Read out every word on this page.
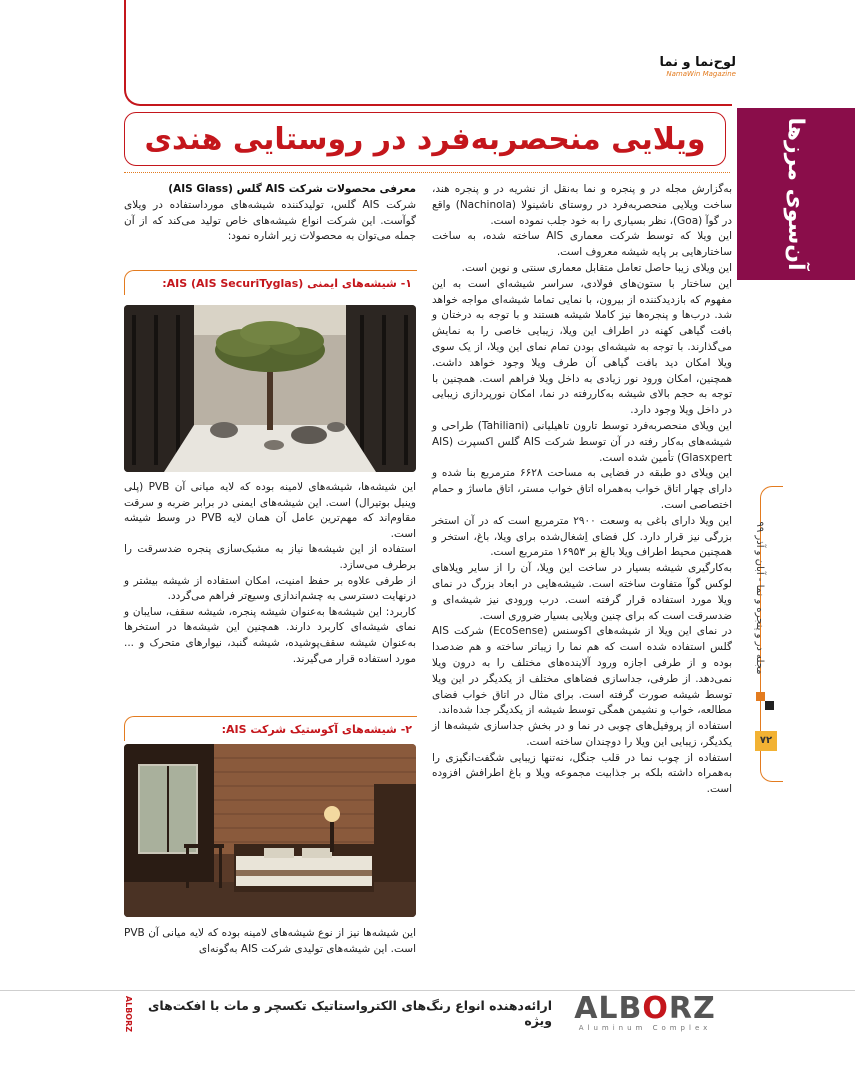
لوح‌نما و نما
NamaWin Magazine
آن‌سوی مرزها
مجله در و پنجره و نما - آبان و آذر ۹۹
۷۲
ویلایی منحصربه‌فرد در روستایی هندی

به‌گزارش مجله در و پنجره و نما به‌نقل از نشریه در و پنجره هند، ساخت ویلایی منحصربه‌فرد در روستای ناشینولا (Nachinola) واقع در گوآ (Goa)، نظر بسیاری را به خود جلب نموده است.

این ویلا که توسط شرکت معماری AIS ساخته شده، به ساخت ساختارهایی بر پایه شیشه معروف است.

این ویلای زیبا حاصل تعامل متقابل معماری سنتی و نوین است.

این ساختار با ستون‌های فولادی، سراسر شیشه‌ای است به این مفهوم که بازدیدکننده از بیرون، با نمایی تماما شیشه‌ای مواجه خواهد شد. درب‌ها و پنجره‌ها نیز کاملا شیشه هستند و با توجه به درختان و بافت گیاهی کهنه در اطراف این ویلا، زیبایی خاصی را به نمایش می‌گذارند. با توجه به شیشه‌ای بودن تمام نمای این ویلا، از یک سوی ویلا امکان دید بافت گیاهی آن طرف ویلا وجود خواهد داشت. همچنین، امکان ورود نور زیادی به داخل ویلا فراهم است. همچنین با توجه به حجم بالای شیشه به‌کاررفته در نما، امکان نورپردازی زیبایی در داخل ویلا وجود دارد.

این ویلای منحصربه‌فرد توسط تارون تاهیلیانی (Tahiliani) طراحی و شیشه‌های به‌کار رفته در آن توسط شرکت AIS گلس اکسپرت (AIS Glasxpert) تأمین شده است.

این ویلای دو طبقه در فضایی به مساحت ۶۶۲۸ مترمربع بنا شده و دارای چهار اتاق خواب به‌همراه اتاق خواب مستر، اتاق ماساژ و حمام اختصاصی است.

این ویلا دارای باغی به وسعت ۲۹۰۰ مترمربع است که در آن استخر بزرگی نیز قرار دارد. کل فضای اِشغال‌شده برای ویلا، باغ، استخر و همچنین محیط اطراف ویلا بالغ بر ۱۶۹۵۳ مترمربع است.

به‌کارگیری شیشه بسیار در ساخت این ویلا، آن را از سایر ویلاهای لوکس گوآ متفاوت ساخته است. شیشه‌هایی در ابعاد بزرگ در نمای ویلا مورد استفاده قرار گرفته است. درب ورودی نیز شیشه‌ای و ضدسرقت است که برای چنین ویلایی بسیار ضروری است.

در نمای این ویلا از شیشه‌های اکوسنس (EcoSense) شرکت AIS گلس استفاده شده است که هم نما را زیباتر ساخته و هم ضدصدا بوده و از طرفی اجازه ورود آلاینده‌های مختلف را به درون ویلا نمی‌دهد. از طرفی، جداسازی فضاهای مختلف از یکدیگر در این ویلا توسط شیشه صورت گرفته است. برای مثال در اتاق خواب فضای مطالعه، خواب و نشیمن همگی توسط شیشه از یکدیگر جدا شده‌اند.

استفاده از پروفیل‌های چوبی در نما و در بخش جداسازی شیشه‌ها از یکدیگر، زیبایی این ویلا را دوچندان ساخته است.

استفاده از چوب نما در قلب جنگل، نه‌تنها زیبایی شگفت‌انگیزی را به‌همراه داشته بلکه بر جذابیت مجموعه ویلا و باغ اطرافش افزوده است.

معرفی محصولات شرکت AIS گلس (AIS Glass)

شرکت AIS گلس، تولیدکننده شیشه‌های مورداستفاده در ویلای گوآست. این شرکت انواع شیشه‌های خاص تولید می‌کند که از آن جمله می‌توان به محصولات زیر اشاره نمود:

۱- شیشه‌های ایمنی (AIS SecuriTyglas) AIS:

این شیشه‌ها، شیشه‌های لامینه بوده که لایه میانی آن PVB (پلی وینیل بوتیرال) است. این شیشه‌های ایمنی در برابر ضربه و سرقت مقاوم‌اند که مهم‌ترین عامل آن همان لایه PVB در وسط شیشه است.

استفاده از این شیشه‌ها نیاز به مشبک‌سازی پنجره ضدسرقت را برطرف می‌سازد.

از طرفی علاوه بر حفظ امنیت، امکان استفاده از شیشه بیشتر و درنهایت دسترسی به چشم‌اندازی وسیع‌تر فراهم می‌گردد.

کاربرد: این شیشه‌ها به‌عنوان شیشه پنجره، شیشه سقف، سایبان و نمای شیشه‌ای کاربرد دارند. همچنین این شیشه‌ها در استخرها به‌عنوان شیشه سقف‌پوشیده، شیشه گنبد، نیوارهای متحرک و ... مورد استفاده قرار می‌گیرند.

۲- شیشه‌های آکوستیک شرکت AIS:

این شیشه‌ها نیز از نوع شیشه‌های لامینه بوده که لایه میانی آن PVB است. این شیشه‌های تولیدی شرکت AIS به‌گونه‌ای

ALBORZ	ارائه‌دهنده انواع رنگ‌های الکترواستاتیک تکسچر و مات با افکت‌های ویژه ALBORZ
Aluminum Complex
